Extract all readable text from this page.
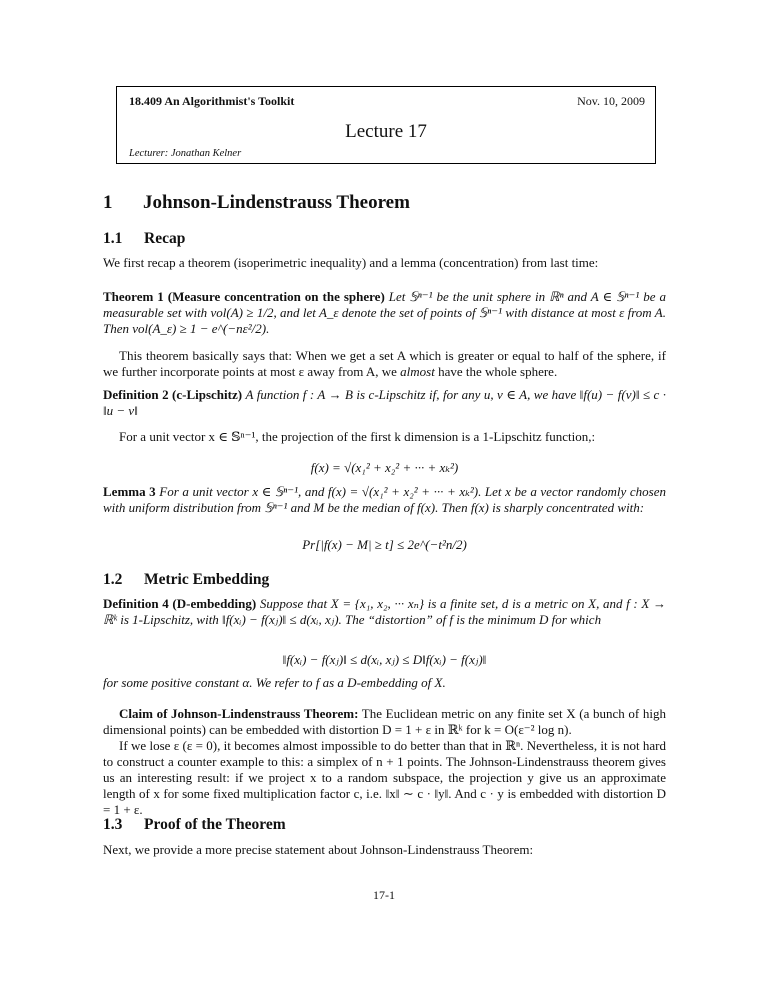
18.409 An Algorithmist's Toolkit	Nov. 10, 2009
Lecture 17
Lecturer: Jonathan Kelner
1 Johnson-Lindenstrauss Theorem
1.1 Recap
We first recap a theorem (isoperimetric inequality) and a lemma (concentration) from last time:
Theorem 1 (Measure concentration on the sphere) Let 𝕊ⁿ⁻¹ be the unit sphere in ℝⁿ and A ∈ 𝕊ⁿ⁻¹ be a measurable set with vol(A) ≥ 1/2, and let A_ε denote the set of points of 𝕊ⁿ⁻¹ with distance at most ε from A. Then vol(A_ε) ≥ 1 − e^(−nε²/2).
This theorem basically says that: When we get a set A which is greater or equal to half of the sphere, if we further incorporate points at most ε away from A, we almost have the whole sphere.
Definition 2 (c-Lipschitz) A function f : A → B is c-Lipschitz if, for any u, v ∈ A, we have ‖f(u) − f(v)‖ ≤ c · ‖u − v‖
For a unit vector x ∈ 𝕊ⁿ⁻¹, the projection of the first k dimension is a 1-Lipschitz function,:
f(x) = √(x₁² + x₂² + ··· + xₖ²)
Lemma 3 For a unit vector x ∈ 𝕊ⁿ⁻¹, and f(x) = √(x₁² + x₂² + ··· + xₖ²). Let x be a vector randomly chosen with uniform distribution from 𝕊ⁿ⁻¹ and M be the median of f(x). Then f(x) is sharply concentrated with:
Pr[|f(x) − M| ≥ t] ≤ 2e^(−t²n/2)
1.2 Metric Embedding
Definition 4 (D-embedding) Suppose that X = {x₁, x₂, ··· xₙ} is a finite set, d is a metric on X, and f : X → ℝᵏ is 1-Lipschitz, with ‖f(xᵢ) − f(xⱼ)‖ ≤ d(xᵢ, xⱼ). The “distortion” of f is the minimum D for which
‖f(xᵢ) − f(xⱼ)‖ ≤ d(xᵢ, xⱼ) ≤ D‖f(xᵢ) − f(xⱼ)‖
for some positive constant α. We refer to f as a D-embedding of X.
Claim of Johnson-Lindenstrauss Theorem: The Euclidean metric on any finite set X (a bunch of high dimensional points) can be embedded with distortion D = 1 + ε in ℝᵏ for k = O(ε⁻² log n).
If we lose ε (ε = 0), it becomes almost impossible to do better than that in ℝⁿ. Nevertheless, it is not hard to construct a counter example to this: a simplex of n + 1 points. The Johnson-Lindenstrauss theorem gives us an interesting result: if we project x to a random subspace, the projection y give us an approximate length of x for some fixed multiplication factor c, i.e. ‖x‖ ∼ c · ‖y‖. And c · y is embedded with distortion D = 1 + ε.
1.3 Proof of the Theorem
Next, we provide a more precise statement about Johnson-Lindenstrauss Theorem:
17-1
